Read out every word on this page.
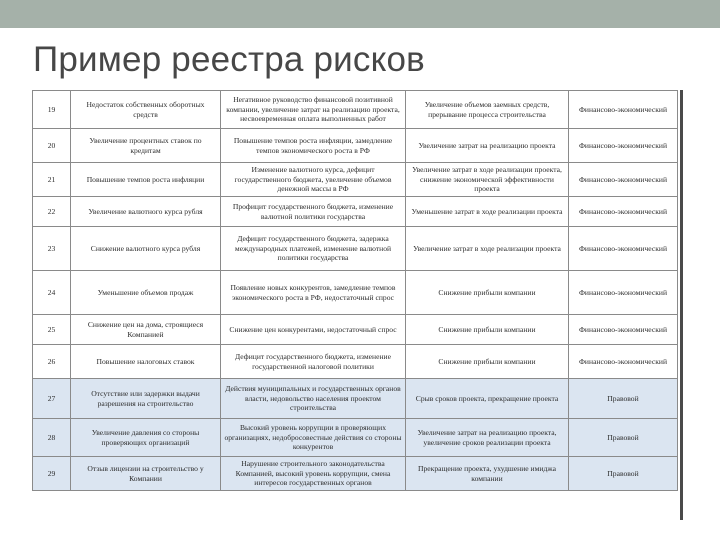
Пример реестра рисков
19	Недостаток собственных оборотных средств	Негативное руководство финансовой позитивной компании, увеличение затрат на реализацию проекта, несвоевременная оплата выполненных работ	Увеличение объемов заемных средств, прерывание процесса строительства	Финансово-экономический
20	Увеличение процентных ставок по кредитам	Повышение темпов роста инфляции, замедление темпов экономического роста в РФ	Увеличение затрат на реализацию проекта	Финансово-экономический
21	Повышение темпов роста инфляции	Изменение валютного курса, дефицит государственного бюджета, увеличение объемов денежной массы в РФ	Увеличение затрат в ходе реализации проекта, снижение экономической эффективности проекта	Финансово-экономический
22	Увеличение валютного курса рубля	Профицит государственного бюджета, изменение валютной политики государства	Уменьшение затрат в ходе реализации проекта	Финансово-экономический
23	Снижение валютного курса рубля	Дефицит государственного бюджета, задержка международных платежей, изменение валютной политики государства	Увеличение затрат в ходе реализации проекта	Финансово-экономический
24	Уменьшение объемов продаж	Появление новых конкурентов, замедление темпов экономического роста в РФ, недостаточный спрос	Снижение прибыли компании	Финансово-экономический
25	Снижение цен на дома, строящиеся Компанией	Снижение цен конкурентами, недостаточный спрос	Снижение прибыли компании	Финансово-экономический
26	Повышение налоговых ставок	Дефицит государственного бюджета, изменение государственной налоговой политики	Снижение прибыли компании	Финансово-экономический
27	Отсутствие или задержки выдачи разрешения на строительство	Действия муниципальных и государственных органов власти, недовольство населения проектом строительства	Срыв сроков проекта, прекращение проекта	Правовой
28	Увеличение давления со стороны проверяющих организаций	Высокий уровень коррупции в проверяющих организациях, недобросовестные действия со стороны конкурентов	Увеличение затрат на реализацию проекта, увеличение сроков реализации проекта	Правовой
29	Отзыв лицензии на строительство у Компании	Нарушение строительного законодательства Компанией, высокий уровень коррупции, смена интересов государственных органов	Прекращение проекта, ухудшение имиджа компании	Правовой
